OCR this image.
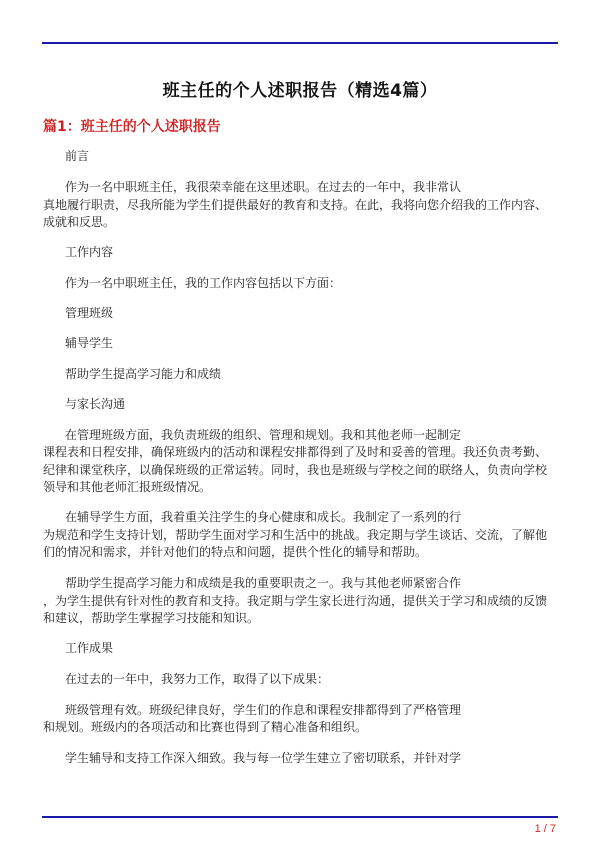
班主任的个人述职报告（精选4篇）
篇1：班主任的个人述职报告
前言
作为一名中职班主任，我很荣幸能在这里述职。在过去的一年中，我非常认
真地履行职责，尽我所能为学生们提供最好的教育和支持。在此，我将向您介绍我的工作内容、
成就和反思。
工作内容
作为一名中职班主任，我的工作内容包括以下方面：
管理班级
辅导学生
帮助学生提高学习能力和成绩
与家长沟通
在管理班级方面，我负责班级的组织、管理和规划。我和其他老师一起制定
课程表和日程安排，确保班级内的活动和课程安排都得到了及时和妥善的管理。我还负责考勤、
纪律和课堂秩序，以确保班级的正常运转。同时，我也是班级与学校之间的联络人，负责向学校
领导和其他老师汇报班级情况。
在辅导学生方面，我着重关注学生的身心健康和成长。我制定了一系列的行
为规范和学生支持计划，帮助学生面对学习和生活中的挑战。我定期与学生谈话、交流，了解他
们的情况和需求，并针对他们的特点和问题，提供个性化的辅导和帮助。
帮助学生提高学习能力和成绩是我的重要职责之一。我与其他老师紧密合作
，为学生提供有针对性的教育和支持。我定期与学生家长进行沟通，提供关于学习和成绩的反馈
和建议，帮助学生掌握学习技能和知识。
工作成果
在过去的一年中，我努力工作，取得了以下成果：
班级管理有效。班级纪律良好，学生们的作息和课程安排都得到了严格管理
和规划。班级内的各项活动和比赛也得到了精心准备和组织。
学生辅导和支持工作深入细致。我与每一位学生建立了密切联系，并针对学
1 / 7
